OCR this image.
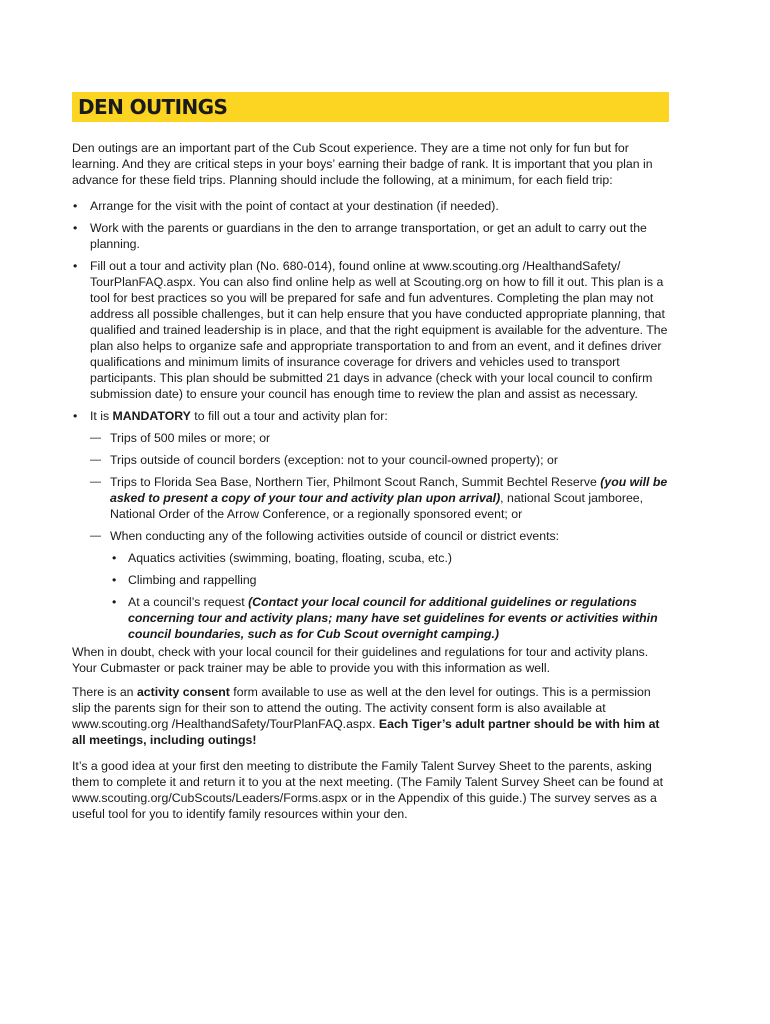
DEN OUTINGS

Den outings are an important part of the Cub Scout experience. They are a time not only for fun but for learning. And they are critical steps in your boys’ earning their badge of rank. It is important that you plan in advance for these field trips. Planning should include the following, at a minimum, for each field trip:

• Arrange for the visit with the point of contact at your destination (if needed).
• Work with the parents or guardians in the den to arrange transportation, or get an adult to carry out the planning.
• Fill out a tour and activity plan (No. 680-014), found online at www.scouting.org /HealthandSafety/ TourPlanFAQ.aspx. You can also find online help as well at Scouting.org on how to fill it out. This plan is a tool for best practices so you will be prepared for safe and fun adventures. Completing the plan may not address all possible challenges, but it can help ensure that you have conducted appropriate planning, that qualified and trained leadership is in place, and that the right equipment is available for the adventure. The plan also helps to organize safe and appropriate transportation to and from an event, and it defines driver qualifications and minimum limits of insurance coverage for drivers and vehicles used to transport participants. This plan should be submitted 21 days in advance (check with your local council to confirm submission date) to ensure your council has enough time to review the plan and assist as necessary.
• It is MANDATORY to fill out a tour and activity plan for:
— Trips of 500 miles or more; or
— Trips outside of council borders (exception: not to your council-owned property); or
— Trips to Florida Sea Base, Northern Tier, Philmont Scout Ranch, Summit Bechtel Reserve (you will be asked to present a copy of your tour and activity plan upon arrival), national Scout jamboree, National Order of the Arrow Conference, or a regionally sponsored event; or
— When conducting any of the following activities outside of council or district events:
• Aquatics activities (swimming, boating, floating, scuba, etc.)
• Climbing and rappelling
• At a council’s request (Contact your local council for additional guidelines or regulations concerning tour and activity plans; many have set guidelines for events or activities within council boundaries, such as for Cub Scout overnight camping.)

When in doubt, check with your local council for their guidelines and regulations for tour and activity plans. Your Cubmaster or pack trainer may be able to provide you with this information as well.

There is an activity consent form available to use as well at the den level for outings. This is a permission slip the parents sign for their son to attend the outing. The activity consent form is also available at www.scouting.org /HealthandSafety/TourPlanFAQ.aspx. Each Tiger’s adult partner should be with him at all meetings, including outings!

It’s a good idea at your first den meeting to distribute the Family Talent Survey Sheet to the parents, asking them to complete it and return it to you at the next meeting. (The Family Talent Survey Sheet can be found at www.scouting.org/CubScouts/Leaders/Forms.aspx or in the Appendix of this guide.) The survey serves as a useful tool for you to identify family resources within your den.
